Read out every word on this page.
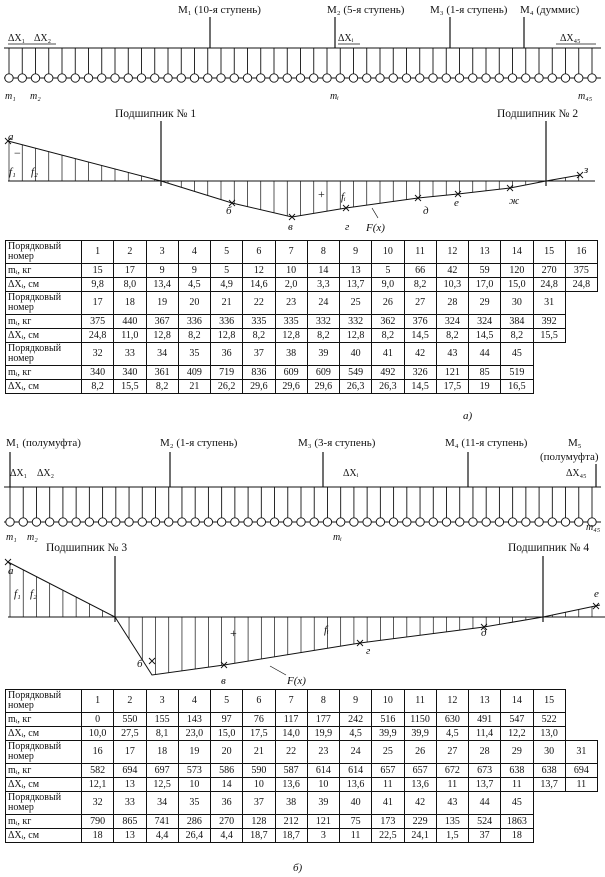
M₁ (10-я ступень)	M₂ (5-я ступень) M₃ (1-я ступень) M₄ (думмис)
ΔX₁ ΔX₂	ΔXᵢ	ΔX₄₅
m₁ m₂	mᵢ	m₄₅
Подшипник № 1	Подшипник № 2
a
−
f₁ f₂
+ fᵢ
б
в	г
д
е	ж
з
F(x)
M₁ (полумуфта)	M₂ (1-я ступень)	M₃ (3-я ступень)	M₄ (11-я ступень)	M₅
(полумуфта)
ΔX₁ ΔX₂	ΔXᵢ	ΔX₄₅
m₁ m₂	mᵢ
m₄₅
Подшипник № 3	Подшипник № 4
a
f₁ f₂
+	fᵢ
б
в
г
д
e
F(x)
Порядковый номер	1	2	3	4	5	6	7	8	9	10	11	12	13	14	15	16
mᵢ, кг	15	17	9	9	5	12	10	14	13	5	66	42	59	120	270	375
ΔXᵢ, см	9,8	8,0	13,4	4,5	4,9	14,6	2,0	3,3	13,7	9,0	8,2	10,3	17,0	15,0	24,8	24,8
Порядковый номер	17	18	19	20	21	22	23	24	25	26	27	28	29	30	31	
mᵢ, кг	375	440	367	336	336	335	335	332	332	362	376	324	324	384	392	
ΔXᵢ, см	24,8	11,0	12,8	8,2	12,8	8,2	12,8	8,2	12,8	8,2	14,5	8,2	14,5	8,2	15,5	
Порядковый номер	32	33	34	35	36	37	38	39	40	41	42	43	44	45		
mᵢ, кг	340	340	361	409	719	836	609	609	549	492	326	121	85	519		
ΔXᵢ, см	8,2	15,5	8,2	21	26,2	29,6	29,6	29,6	26,3	26,3	14,5	17,5	19	16,5		
а)
Порядковый номер	1	2	3	4	5	6	7	8	9	10	11	12	13	14	15	
mᵢ, кг	0	550	155	143	97	76	117	177	242	516	1150	630	491	547	522	
ΔXᵢ, см	10,0	27,5	8,1	23,0	15,0	17,5	14,0	19,9	4,5	39,9	39,9	4,5	11,4	12,2	13,0	
Порядковый номер	16	17	18	19	20	21	22	23	24	25	26	27	28	29	30	31
mᵢ, кг	582	694	697	573	586	590	587	614	614	657	657	672	673	638	638	694
ΔXᵢ, см	12,1	13	12,5	10	14	10	13,6	10	13,6	11	13,6	11	13,7	11	13,7	11
Порядковый номер	32	33	34	35	36	37	38	39	40	41	42	43	44	45		
mᵢ, кг	790	865	741	286	270	128	212	121	75	173	229	135	524	1863		
ΔXᵢ, см	18	13	4,4	26,4	4,4	18,7	18,7	3	11	22,5	24,1	1,5	37	18		
б)
